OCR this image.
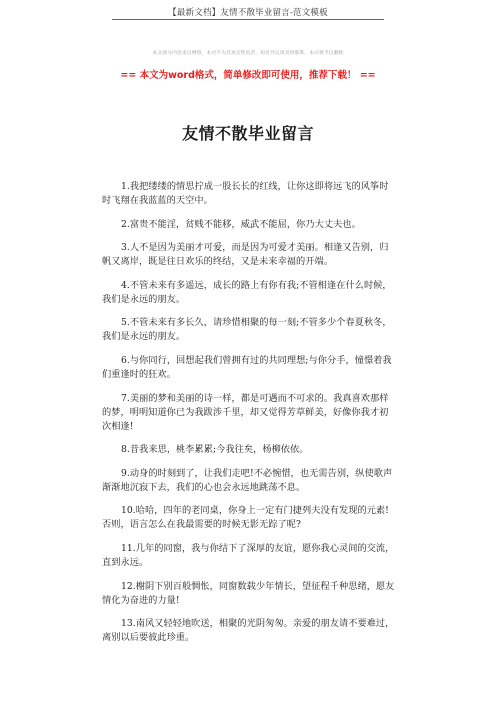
【最新文档】友情不散毕业留言-范文模板
本文部分内容来自网络，本司不为其真实性负责，如有异议请及时联系，本司将予以删除
== 本文为word格式，简单修改即可使用，推荐下载！ ==
友情不散毕业留言

1.我把缕缕的情思拧成一股长长的红线，让你这即将远飞的风筝时时飞翔在我蓝蓝的天空中。

2.富贵不能淫，贫贱不能移，威武不能屈，你乃大丈夫也。

3.人不是因为美丽才可爱，而是因为可爱才美丽。相逢又告别，归帆又离岸，既是往日欢乐的终结，又是未来幸福的开端。

4.不管未来有多遥远，成长的路上有你有我;不管相逢在什么时候，我们是永远的朋友。

5.不管未来有多长久，请珍惜相聚的每一刻;不管多少个春夏秋冬，我们是永远的朋友。

6.与你同行，回想起我们曾拥有过的共同理想;与你分手，憧憬着我们重逢时的狂欢。

7.美丽的梦和美丽的诗一样，都是可遇而不可求的。我真喜欢那样的梦，明明知道你已为我跋涉千里，却又觉得芳草鲜美，好像你我才初次相逢!

8.昔我来思，桃李累累;今我往矣，杨柳依依。

9.动身的时刻到了，让我们走吧!不必惋惜，也无需告别，纵使歌声渐渐地沉寂下去，我们的心也会永远地跳荡不息。

10.哈哈，四年的老同桌，你身上一定有门捷列夫没有发现的元素!否则，语言怎么在我最需要的时候无影无踪了呢?

11.几年的同窗，我与你结下了深厚的友谊，愿你我心灵间的交流，直到永远。

12.榭阴下别百般惆怅，同窗数载少年情长，望征程千种思绪，愿友情化为奋进的力量!

13.南风又轻轻地吹送，相聚的光阴匆匆。亲爱的朋友请不要难过，离别以后要彼此珍重。
